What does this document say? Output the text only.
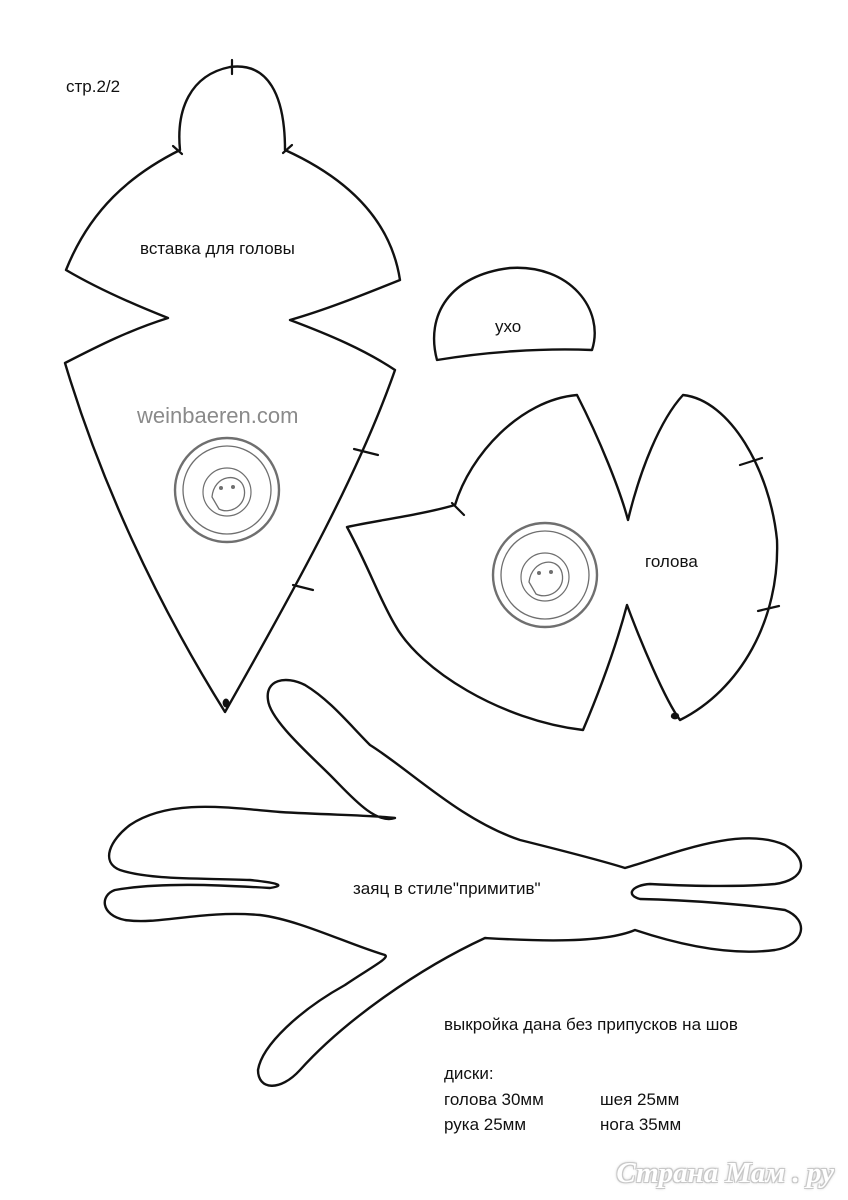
стр.2/2
вставка для головы
ухо
голова
заяц в стиле"примитив"
выкройка дана без припусков на шов
диски:
голова 30мм	шея 25мм
рука 25мм	нога 35мм
weinbaeren.com
Страна Мам . ру
